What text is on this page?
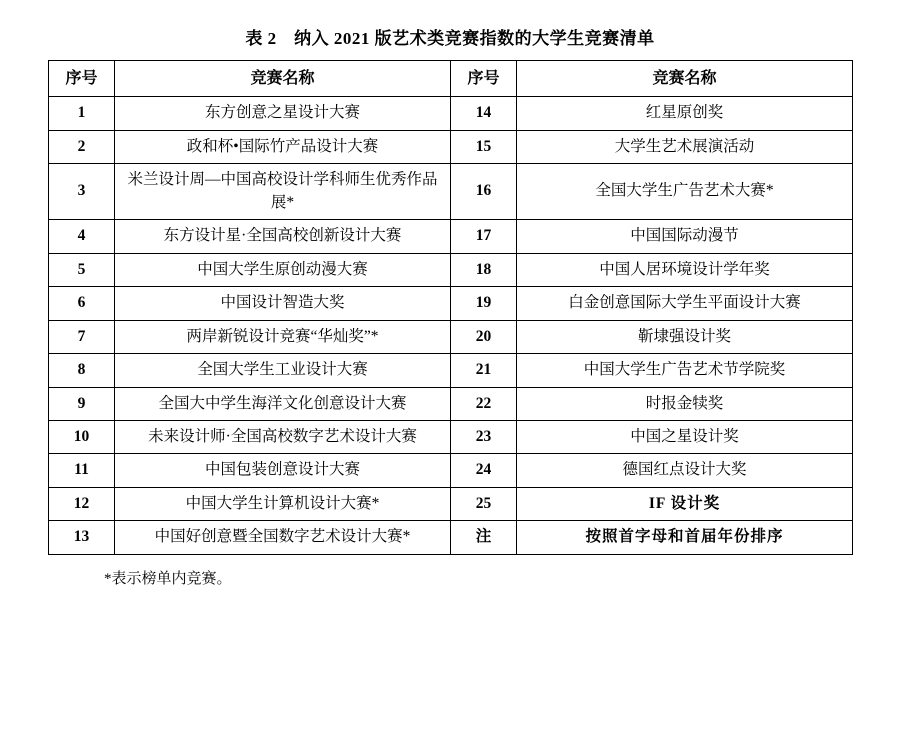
表 2　纳入 2021 版艺术类竞赛指数的大学生竞赛清单
序号	竞赛名称	序号	竞赛名称
1	东方创意之星设计大赛	14	红星原创奖
2	政和杯•国际竹产品设计大赛	15	大学生艺术展演活动
3	米兰设计周—中国高校设计学科师生优秀作品展*	16	全国大学生广告艺术大赛*
4	东方设计星·全国高校创新设计大赛	17	中国国际动漫节
5	中国大学生原创动漫大赛	18	中国人居环境设计学年奖
6	中国设计智造大奖	19	白金创意国际大学生平面设计大赛
7	两岸新锐设计竞赛“华灿奖”*	20	靳埭强设计奖
8	全国大学生工业设计大赛	21	中国大学生广告艺术节学院奖
9	全国大中学生海洋文化创意设计大赛	22	时报金犊奖
10	未来设计师·全国高校数字艺术设计大赛	23	中国之星设计奖
11	中国包装创意设计大赛	24	德国红点设计大奖
12	中国大学生计算机设计大赛*	25	IF 设计奖
13	中国好创意暨全国数字艺术设计大赛*	注	按照首字母和首届年份排序
*表示榜单内竞赛。
